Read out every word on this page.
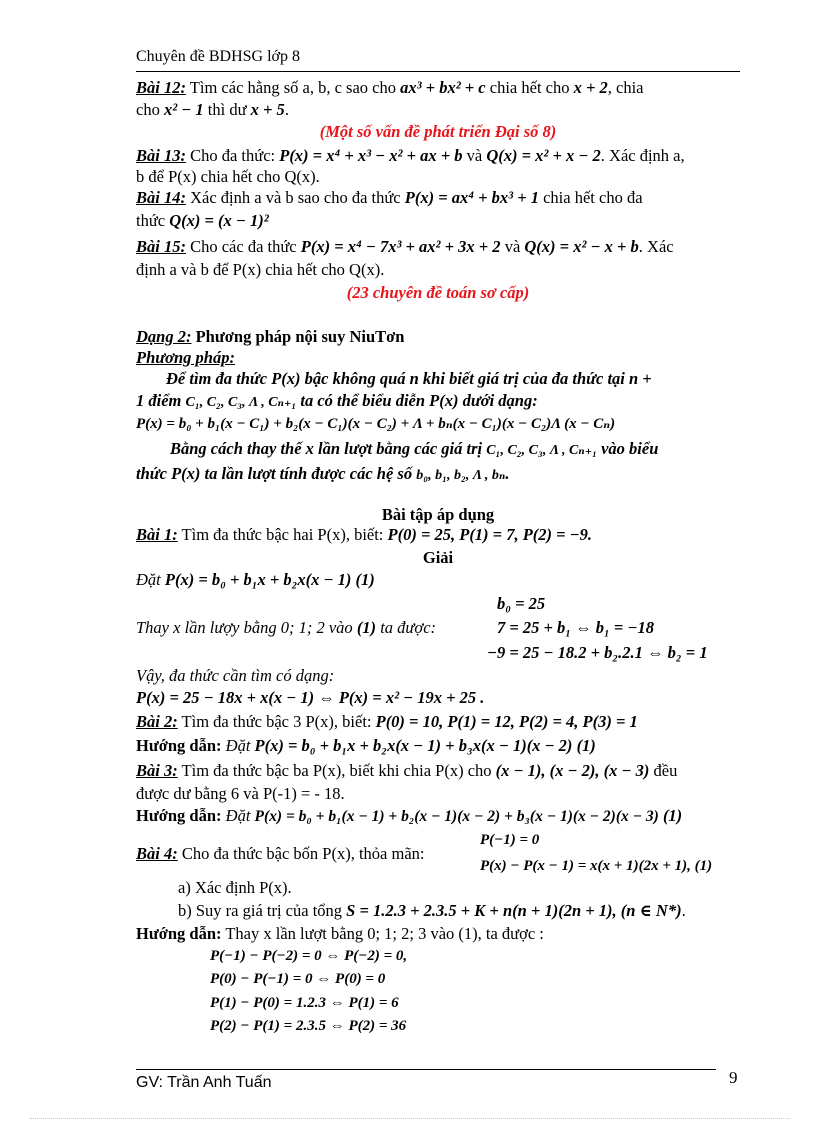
Chuyên đề BDHSG lớp 8
Bài 12: Tìm các hằng số a, b, c sao cho ax³ + bx² + c chia hết cho x + 2, chia
cho x² − 1 thì dư x + 5.
(Một số vấn đề phát triển Đại số 8)
Bài 13: Cho đa thức: P(x) = x⁴ + x³ − x² + ax + b và Q(x) = x² + x − 2. Xác định a,
b để P(x) chia hết cho Q(x).
Bài 14: Xác định a và b sao cho đa thức P(x) = ax⁴ + bx³ + 1 chia hết cho đa
thức Q(x) = (x − 1)²
Bài 15: Cho các đa thức P(x) = x⁴ − 7x³ + ax² + 3x + 2 và Q(x) = x² − x + b. Xác
định a và b để P(x) chia hết cho Q(x).
(23 chuyên đề toán sơ cấp)
Dạng 2: Phương pháp nội suy NiuTơn
Phương pháp:
Để tìm đa thức P(x) bậc không quá n khi biết giá trị của đa thức tại n +
1 điểm C₁, C₂, C₃, Λ , Cₙ₊₁ ta có thể biểu diễn P(x) dưới dạng:
P(x) = b₀ + b₁(x − C₁) + b₂(x − C₁)(x − C₂) + Λ + bₙ(x − C₁)(x − C₂)Λ (x − Cₙ)
Bằng cách thay thế x lần lượt bằng các giá trị C₁, C₂, C₃, Λ , Cₙ₊₁ vào biểu
thức P(x) ta lần lượt tính được các hệ số b₀, b₁, b₂, Λ , bₙ.
Bài tập áp dụng
Bài 1: Tìm đa thức bậc hai P(x), biết: P(0) = 25, P(1) = 7, P(2) = −9.
Giải
Đặt P(x) = b₀ + b₁x + b₂x(x − 1) (1)
b₀ = 25
Thay x lần lượy bằng 0; 1; 2 vào (1) ta được:	7 = 25 + b₁ ⇔ b₁ = −18
−9 = 25 − 18.2 + b₂.2.1 ⇔ b₂ = 1
Vậy, đa thức cần tìm có dạng:
P(x) = 25 − 18x + x(x − 1) ⇔ P(x) = x² − 19x + 25 .
Bài 2: Tìm đa thức bậc 3 P(x), biết: P(0) = 10, P(1) = 12, P(2) = 4, P(3) = 1
Hướng dẫn: Đặt P(x) = b₀ + b₁x + b₂x(x − 1) + b₃x(x − 1)(x − 2) (1)
Bài 3: Tìm đa thức bậc ba P(x), biết khi chia P(x) cho (x − 1), (x − 2), (x − 3) đều
được dư bằng 6 và P(-1) = - 18.
Hướng dẫn: Đặt P(x) = b₀ + b₁(x − 1) + b₂(x − 1)(x − 2) + b₃(x − 1)(x − 2)(x − 3) (1)
P(−1) = 0
Bài 4: Cho đa thức bậc bốn P(x), thỏa mãn:
P(x) − P(x − 1) = x(x + 1)(2x + 1), (1)
a) Xác định P(x).
b) Suy ra giá trị của tổng S = 1.2.3 + 2.3.5 + K + n(n + 1)(2n + 1), (n ∈ N*).
Hướng dẫn: Thay x lần lượt bằng 0; 1; 2; 3 vào (1), ta được :
P(−1) − P(−2) = 0 ⇔ P(−2) = 0,
P(0) − P(−1) = 0 ⇔ P(0) = 0
P(1) − P(0) = 1.2.3 ⇔ P(1) = 6
P(2) − P(1) = 2.3.5 ⇔ P(2) = 36
GV: Trần Anh Tuấn	9
